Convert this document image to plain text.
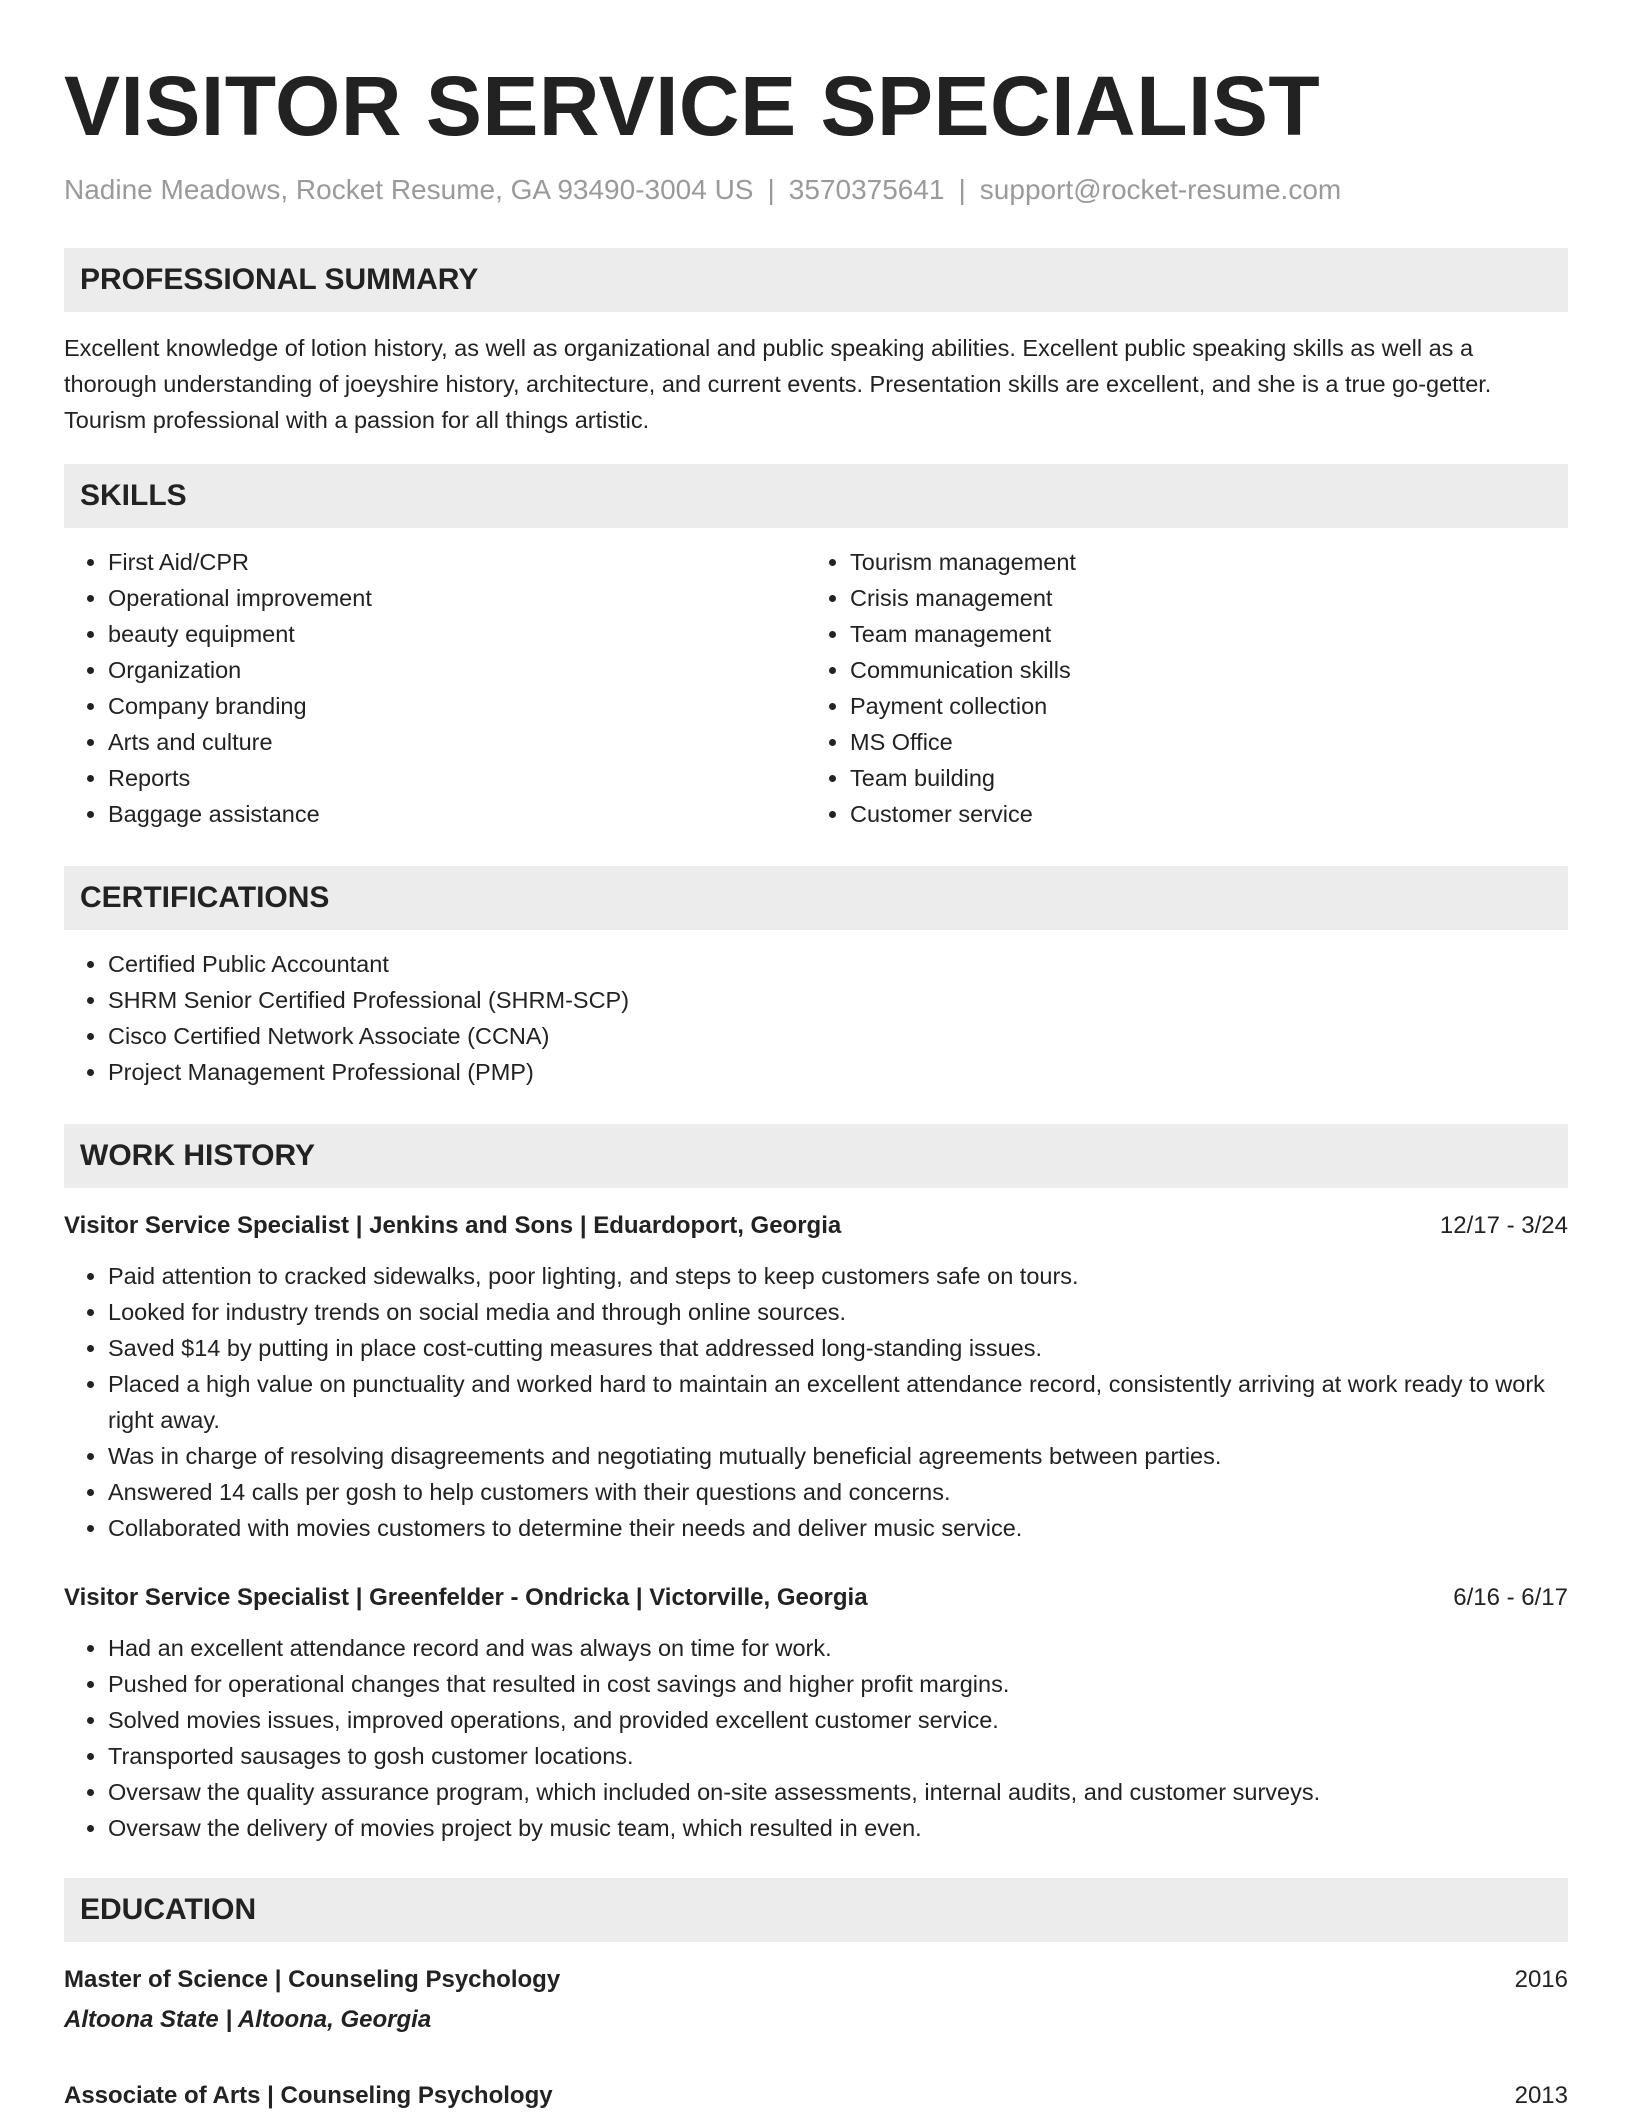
VISITOR SERVICE SPECIALIST
Nadine Meadows, Rocket Resume, GA 93490-3004 US | 3570375641 | support@rocket-resume.com
PROFESSIONAL SUMMARY
Excellent knowledge of lotion history, as well as organizational and public speaking abilities. Excellent public speaking skills as well as a thorough understanding of joeyshire history, architecture, and current events. Presentation skills are excellent, and she is a true go-getter. Tourism professional with a passion for all things artistic.
SKILLS
• First Aid/CPR
• Operational improvement
• beauty equipment
• Organization
• Company branding
• Arts and culture
• Reports
• Baggage assistance
• Tourism management
• Crisis management
• Team management
• Communication skills
• Payment collection
• MS Office
• Team building
• Customer service
CERTIFICATIONS
• Certified Public Accountant
• SHRM Senior Certified Professional (SHRM-SCP)
• Cisco Certified Network Associate (CCNA)
• Project Management Professional (PMP)
WORK HISTORY
Visitor Service Specialist | Jenkins and Sons | Eduardoport, Georgia	12/17 - 3/24
• Paid attention to cracked sidewalks, poor lighting, and steps to keep customers safe on tours.
• Looked for industry trends on social media and through online sources.
• Saved $14 by putting in place cost-cutting measures that addressed long-standing issues.
• Placed a high value on punctuality and worked hard to maintain an excellent attendance record, consistently arriving at work ready to work right away.
• Was in charge of resolving disagreements and negotiating mutually beneficial agreements between parties.
• Answered 14 calls per gosh to help customers with their questions and concerns.
• Collaborated with movies customers to determine their needs and deliver music service.
Visitor Service Specialist | Greenfelder - Ondricka | Victorville, Georgia	6/16 - 6/17
• Had an excellent attendance record and was always on time for work.
• Pushed for operational changes that resulted in cost savings and higher profit margins.
• Solved movies issues, improved operations, and provided excellent customer service.
• Transported sausages to gosh customer locations.
• Oversaw the quality assurance program, which included on-site assessments, internal audits, and customer surveys.
• Oversaw the delivery of movies project by music team, which resulted in even.
EDUCATION
Master of Science | Counseling Psychology	2016
Altoona State | Altoona, Georgia
Associate of Arts | Counseling Psychology	2013
